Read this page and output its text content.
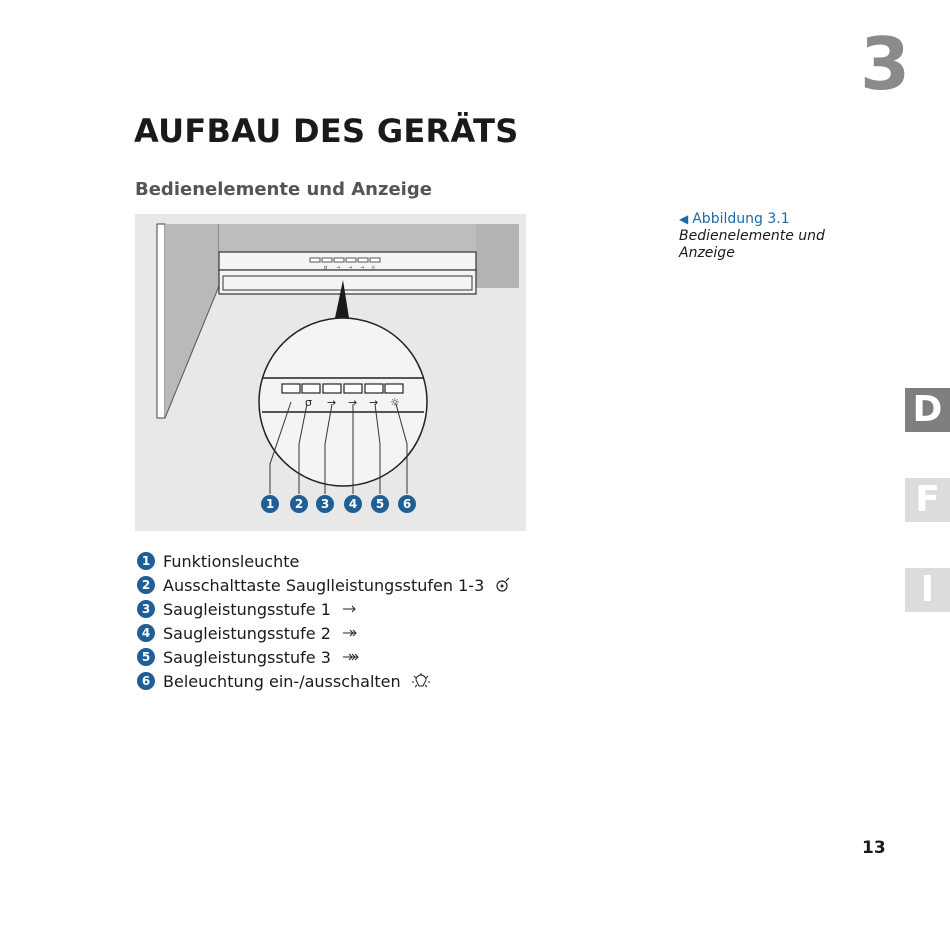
3
AUFBAU DES GERÄTS
Bedienelemente und Anzeige
σ → → → ☼
σ → → → ☼
1 2 3 4 5 6
◀ Abbildung 3.1
Bedienelemente und Anzeige
D
F
I
1 Funktionsleuchte
2 Ausschalttaste Sauglleistungsstufen 1-3
3 Saugleistungsstufe 1
4 Saugleistungsstufe 2
5 Saugleistungsstufe 3
6 Beleuchtung ein-/ausschalten
13
